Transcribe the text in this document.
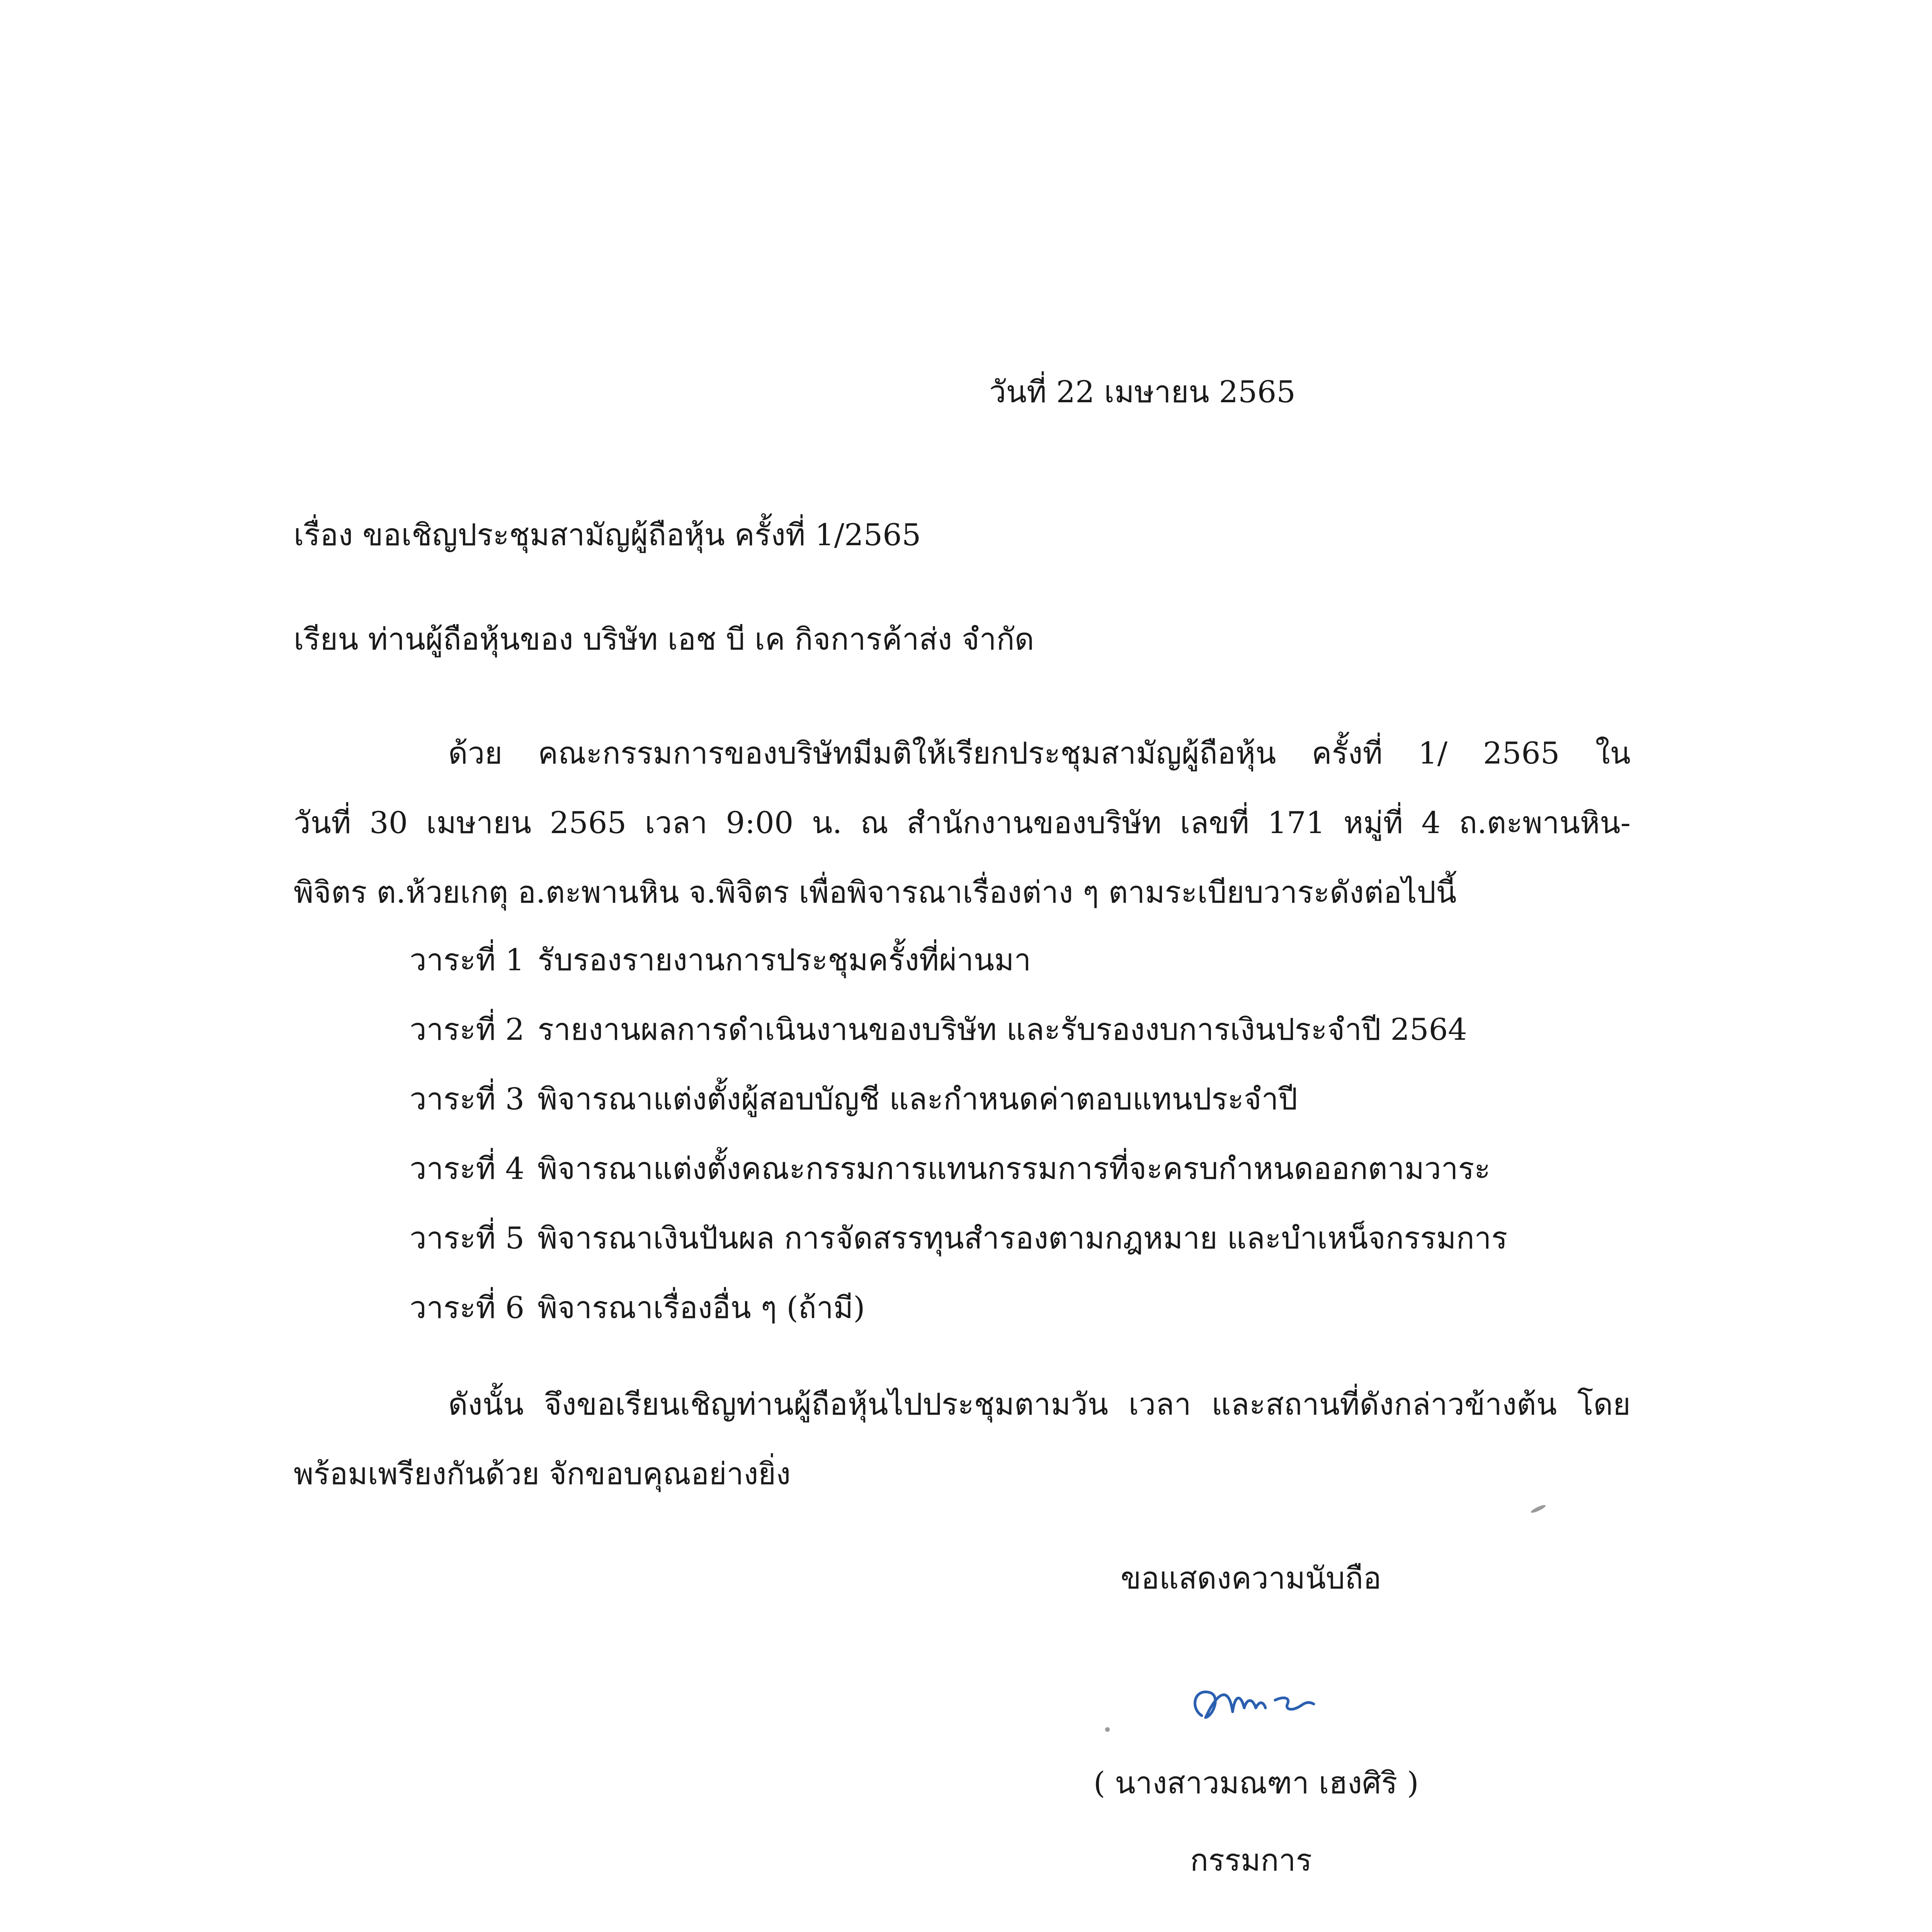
วันที่ 22 เมษายน 2565
เรื่อง ขอเชิญประชุมสามัญผู้ถือหุ้น ครั้งที่ 1/2565
เรียน ท่านผู้ถือหุ้นของ บริษัท เอช บี เค กิจการค้าส่ง จำกัด
ด้วย คณะกรรมการของบริษัทมีมติให้เรียกประชุมสามัญผู้ถือหุ้น ครั้งที่ 1/ 2565 ใน
วันที่ 30 เมษายน 2565 เวลา 9:00 น. ณ สำนักงานของบริษัท เลขที่ 171 หมู่ที่ 4 ถ.ตะพานหิน-
พิจิตร ต.ห้วยเกตุ อ.ตะพานหิน จ.พิจิตร เพื่อพิจารณาเรื่องต่าง ๆ ตามระเบียบวาระดังต่อไปนี้
วาระที่ 1 รับรองรายงานการประชุมครั้งที่ผ่านมา
วาระที่ 2 รายงานผลการดำเนินงานของบริษัท และรับรองงบการเงินประจำปี 2564
วาระที่ 3 พิจารณาแต่งตั้งผู้สอบบัญชี และกำหนดค่าตอบแทนประจำปี
วาระที่ 4 พิจารณาแต่งตั้งคณะกรรมการแทนกรรมการที่จะครบกำหนดออกตามวาระ
วาระที่ 5 พิจารณาเงินปันผล การจัดสรรทุนสำรองตามกฎหมาย และบำเหน็จกรรมการ
วาระที่ 6 พิจารณาเรื่องอื่น ๆ (ถ้ามี)
ดังนั้น จึงขอเรียนเชิญท่านผู้ถือหุ้นไปประชุมตามวัน เวลา และสถานที่ดังกล่าวข้างต้น โดย
พร้อมเพรียงกันด้วย จักขอบคุณอย่างยิ่ง
ขอแสดงความนับถือ
( นางสาวมณฑา เฮงศิริ )
กรรมการ
